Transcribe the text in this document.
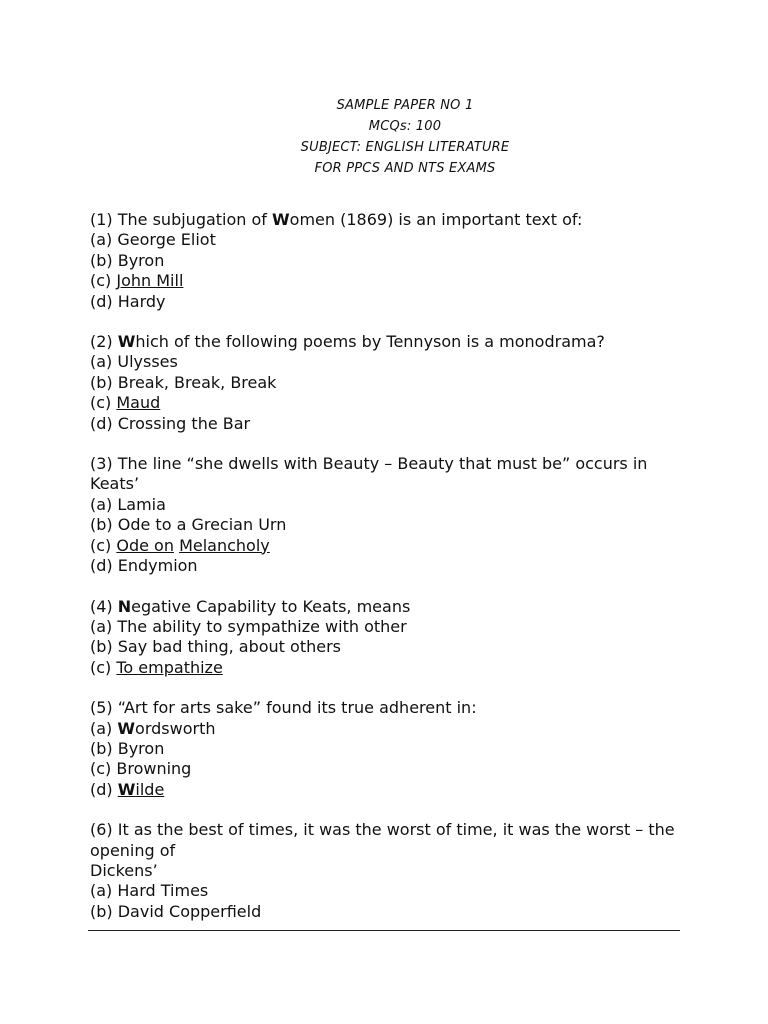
SAMPLE PAPER NO 1
MCQs: 100
SUBJECT: ENGLISH LITERATURE
FOR PPCS AND NTS EXAMS
(1) The subjugation of Women (1869) is an important text of:
(a) George Eliot
(b) Byron
(c) John Mill
(d) Hardy
(2) Which of the following poems by Tennyson is a monodrama?
(a) Ulysses
(b) Break, Break, Break
(c) Maud
(d) Crossing the Bar
(3) The line “she dwells with Beauty – Beauty that must be” occurs in Keats’
(a) Lamia
(b) Ode to a Grecian Urn
(c) Ode on Melancholy
(d) Endymion
(4) Negative Capability to Keats, means
(a) The ability to sympathize with other
(b) Say bad thing, about others
(c) To empathize
(5) “Art for arts sake” found its true adherent in:
(a) Wordsworth
(b) Byron
(c) Browning
(d) Wilde
(6) It as the best of times, it was the worst of time, it was the worst – the opening of
Dickens’
(a) Hard Times
(b) David Copperfield
